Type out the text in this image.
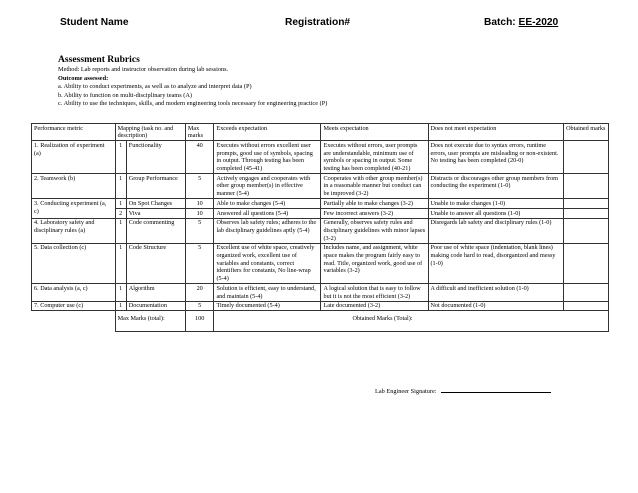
Student Name	Registration#	Batch: EE-2020
Assessment Rubrics
Method: Lab reports and instructor observation during lab sessions.
Outcome assessed:
a. Ability to conduct experiments, as well as to analyze and interpret data (P)
b. Ability to function on multi-disciplinary teams (A)
c. Ability to use the techniques, skills, and modern engineering tools necessary for engineering practice (P)
Performance metric	Mapping (task no. and description)		Max marks	Exceeds expectation	Meets expectation	Does not meet expectation	Obtained marks
1. Realization of experiment (a)	1	Functionality	40	Executes without errors excellent user prompts, good use of symbols, spacing in output. Through testing has been completed (45-41)	Executes without errors, user prompts are understandable, minimum use of symbols or spacing in output. Some testing has been completed (40-21)	Does not execute due to syntax errors, runtime errors, user prompts are misleading or non-existent. No testing has been completed (20-0)	
2. Teamwork (b)	1	Group Performance	5	Actively engages and cooperates with other group member(s) in effective manner (5-4)	Cooperates with other group member(s) in a reasonable manner but conduct can be improved (3-2)	Distracts or discourages other group members from conducting the experiment (1-0)	
3. Conducting experiment (a, c)	1	On Spot Changes	10	Able to make changes (5-4)	Partially able to make changes (3-2)	Unable to make changes (1-0)	
	2	Viva	10	Answered all questions (5-4)	Few incorrect answers (3-2)	Unable to answer all questions (1-0)	
4. Laboratory safety and disciplinary rules (a)	1	Code commenting	5	Observes lab safety rules; adheres to the lab disciplinary guidelines aptly (5-4)	Generally, observes safety rules and disciplinary guidelines with minor lapses (3-2)	Disregards lab safety and disciplinary rules (1-0)	
5. Data collection (c)	1	Code Structure	5	Excellent use of white space, creatively organized work, excellent use of variables and constants, correct identifiers for constants, No line-wrap (5-4)	Includes name, and assignment, white space makes the program fairly easy to read. Title, organized work, good use of variables (3-2)	Poor use of white space (indentation, blank lines) making code hard to read, disorganized and messy (1-0)	
6. Data analysis (a, c)	1	Algorithm	20	Solution is efficient, easy to understand, and maintain (5-4)	A logical solution that is easy to follow but it is not the most efficient (3-2)	A difficult and inefficient solution (1-0)	
7. Computer use (c)	1	Documentation	5	Timely documented (5-4)	Late documented (3-2)	Not documented (1-0)	
	Max Marks (total):		100	Obtained Marks (Total):			
Lab Engineer Signature:
